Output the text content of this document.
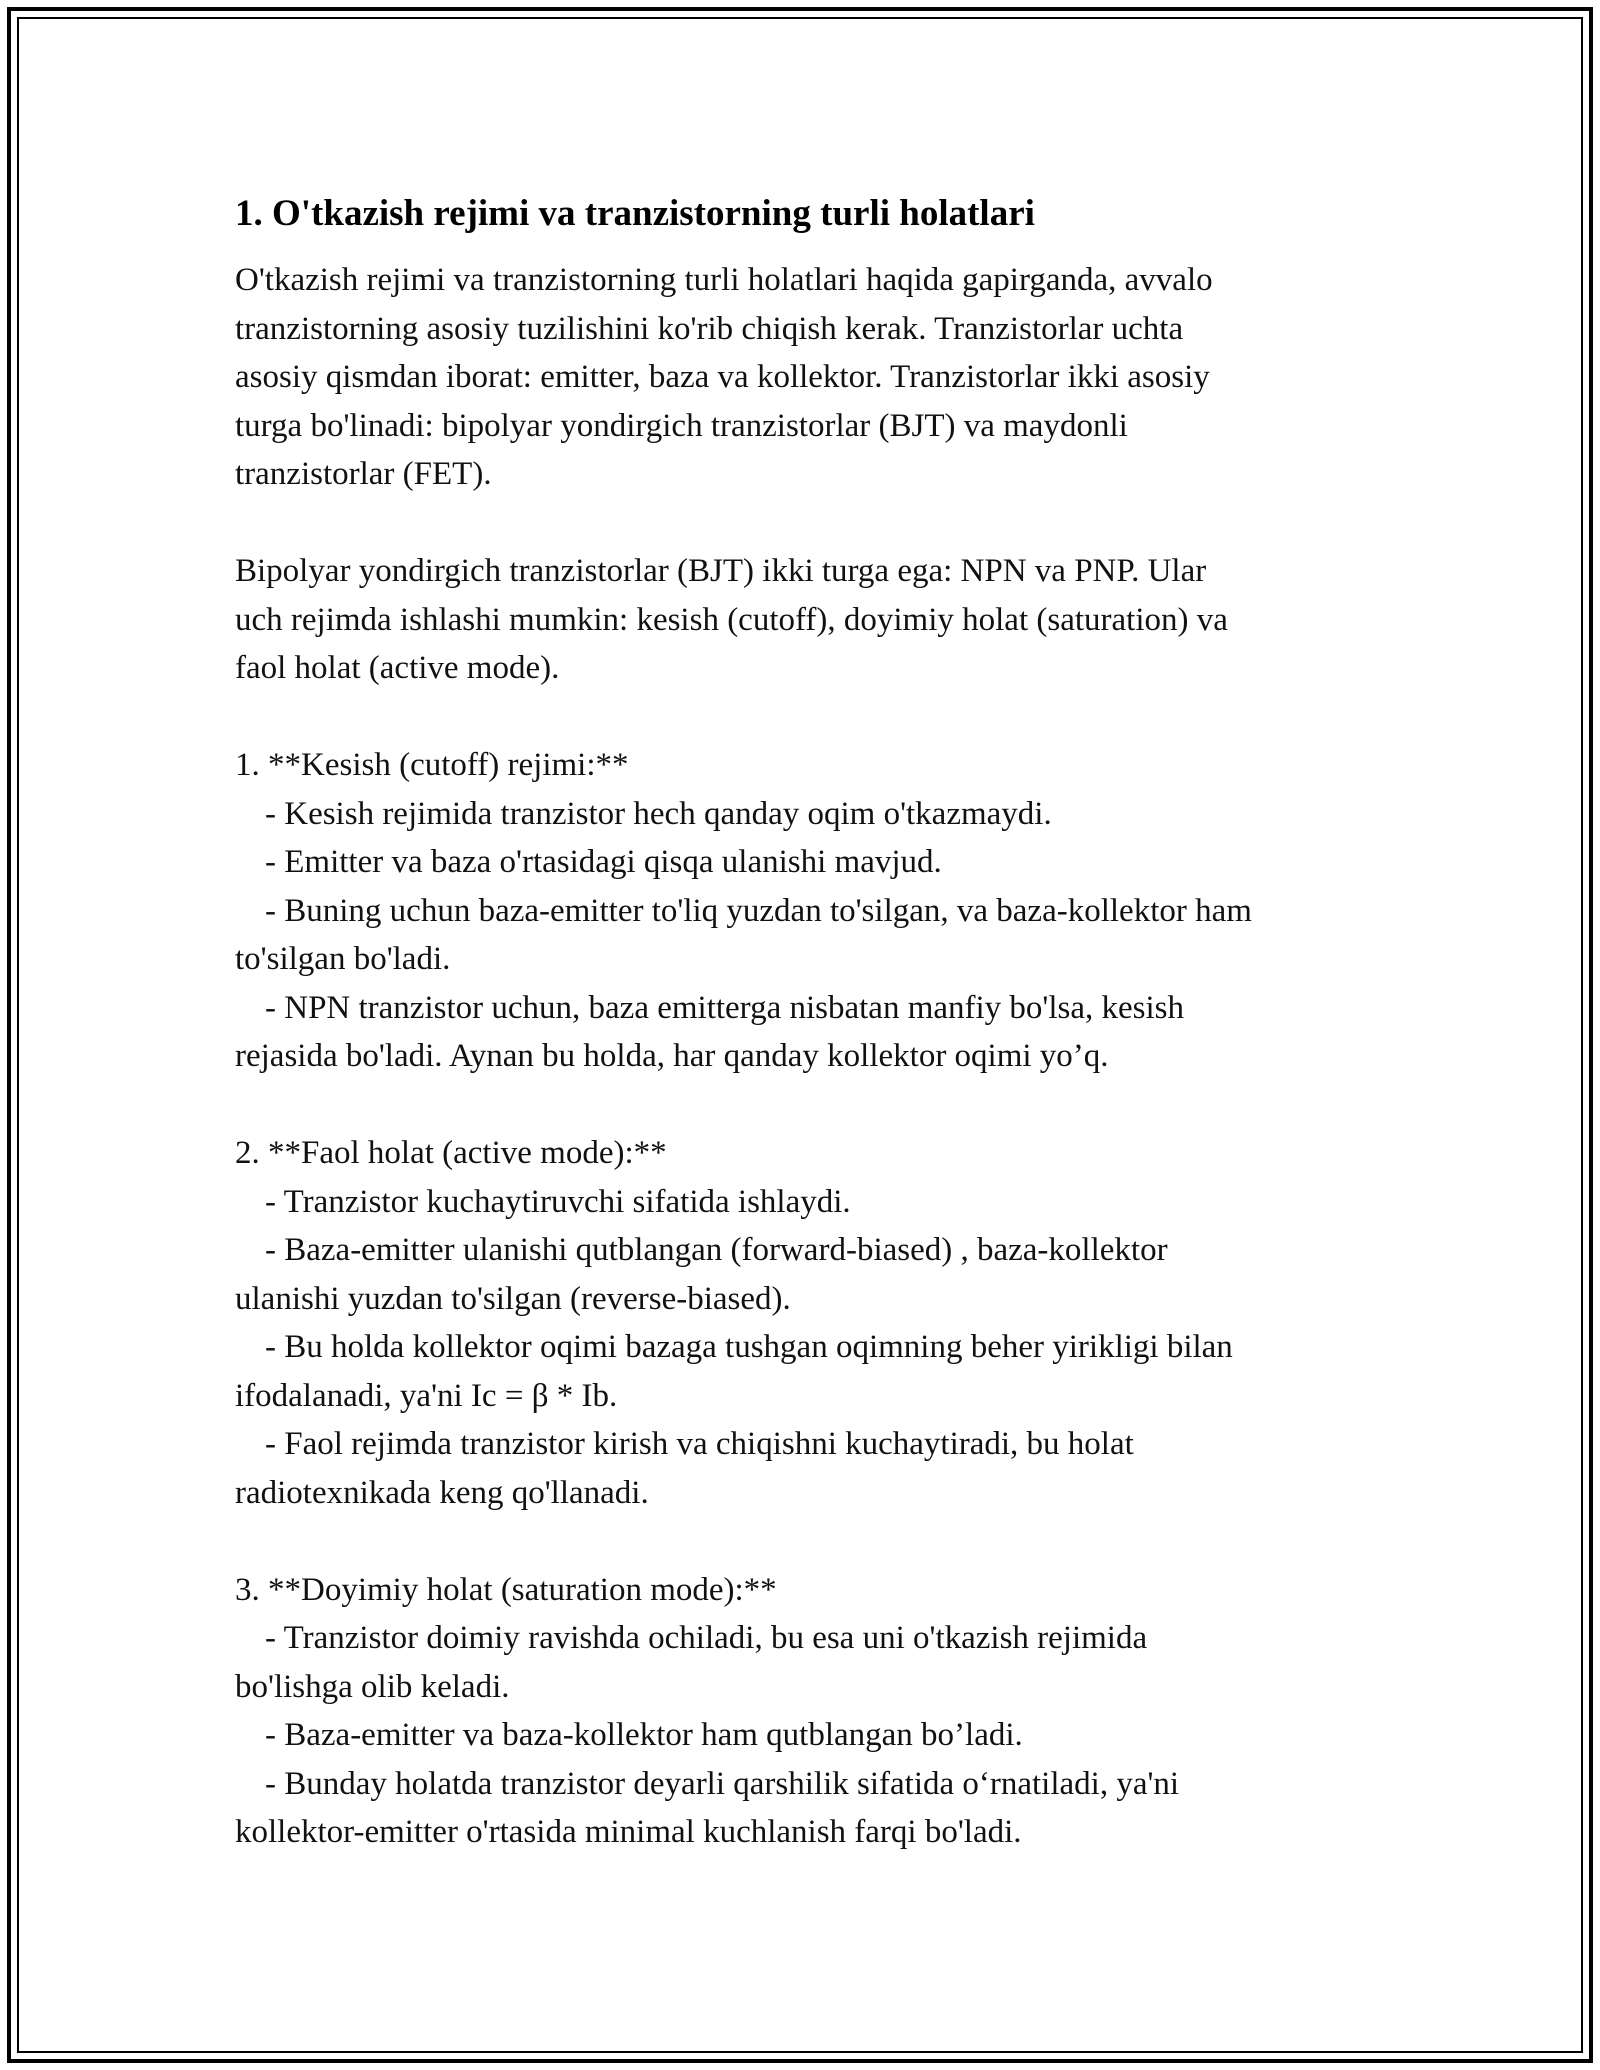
1. O'tkazish rejimi va tranzistorning turli holatlari

O'tkazish rejimi va tranzistorning turli holatlari haqida gapirganda, avvalo
tranzistorning asosiy tuzilishini ko'rib chiqish kerak. Tranzistorlar uchta
asosiy qismdan iborat: emitter, baza va kollektor. Tranzistorlar ikki asosiy
turga bo'linadi: bipolyar yondirgich tranzistorlar (BJT) va maydonli
tranzistorlar (FET).

Bipolyar yondirgich tranzistorlar (BJT) ikki turga ega: NPN va PNP. Ular
uch rejimda ishlashi mumkin: kesish (cutoff), doyimiy holat (saturation) va
faol holat (active mode).

1. **Kesish (cutoff) rejimi:**
- Kesish rejimida tranzistor hech qanday oqim o'tkazmaydi.
- Emitter va baza o'rtasidagi qisqa ulanishi mavjud.
- Buning uchun baza-emitter to'liq yuzdan to'silgan, va baza-kollektor ham
to'silgan bo'ladi.
- NPN tranzistor uchun, baza emitterga nisbatan manfiy bo'lsa, kesish
rejasida bo'ladi. Aynan bu holda, har qanday kollektor oqimi yo’q.
2. **Faol holat (active mode):**
- Tranzistor kuchaytiruvchi sifatida ishlaydi.
- Baza-emitter ulanishi qutblangan (forward-biased) , baza-kollektor
ulanishi yuzdan to'silgan (reverse-biased).
- Bu holda kollektor oqimi bazaga tushgan oqimning beher yirikligi bilan
ifodalanadi, ya'ni Ic = β * Ib.
- Faol rejimda tranzistor kirish va chiqishni kuchaytiradi, bu holat
radiotexnikada keng qo'llanadi.
3. **Doyimiy holat (saturation mode):**
- Tranzistor doimiy ravishda ochiladi, bu esa uni o'tkazish rejimida
bo'lishga olib keladi.
- Baza-emitter va baza-kollektor ham qutblangan bo’ladi.
- Bunday holatda tranzistor deyarli qarshilik sifatida o‘rnatiladi, ya'ni
kollektor-emitter o'rtasida minimal kuchlanish farqi bo'ladi.
